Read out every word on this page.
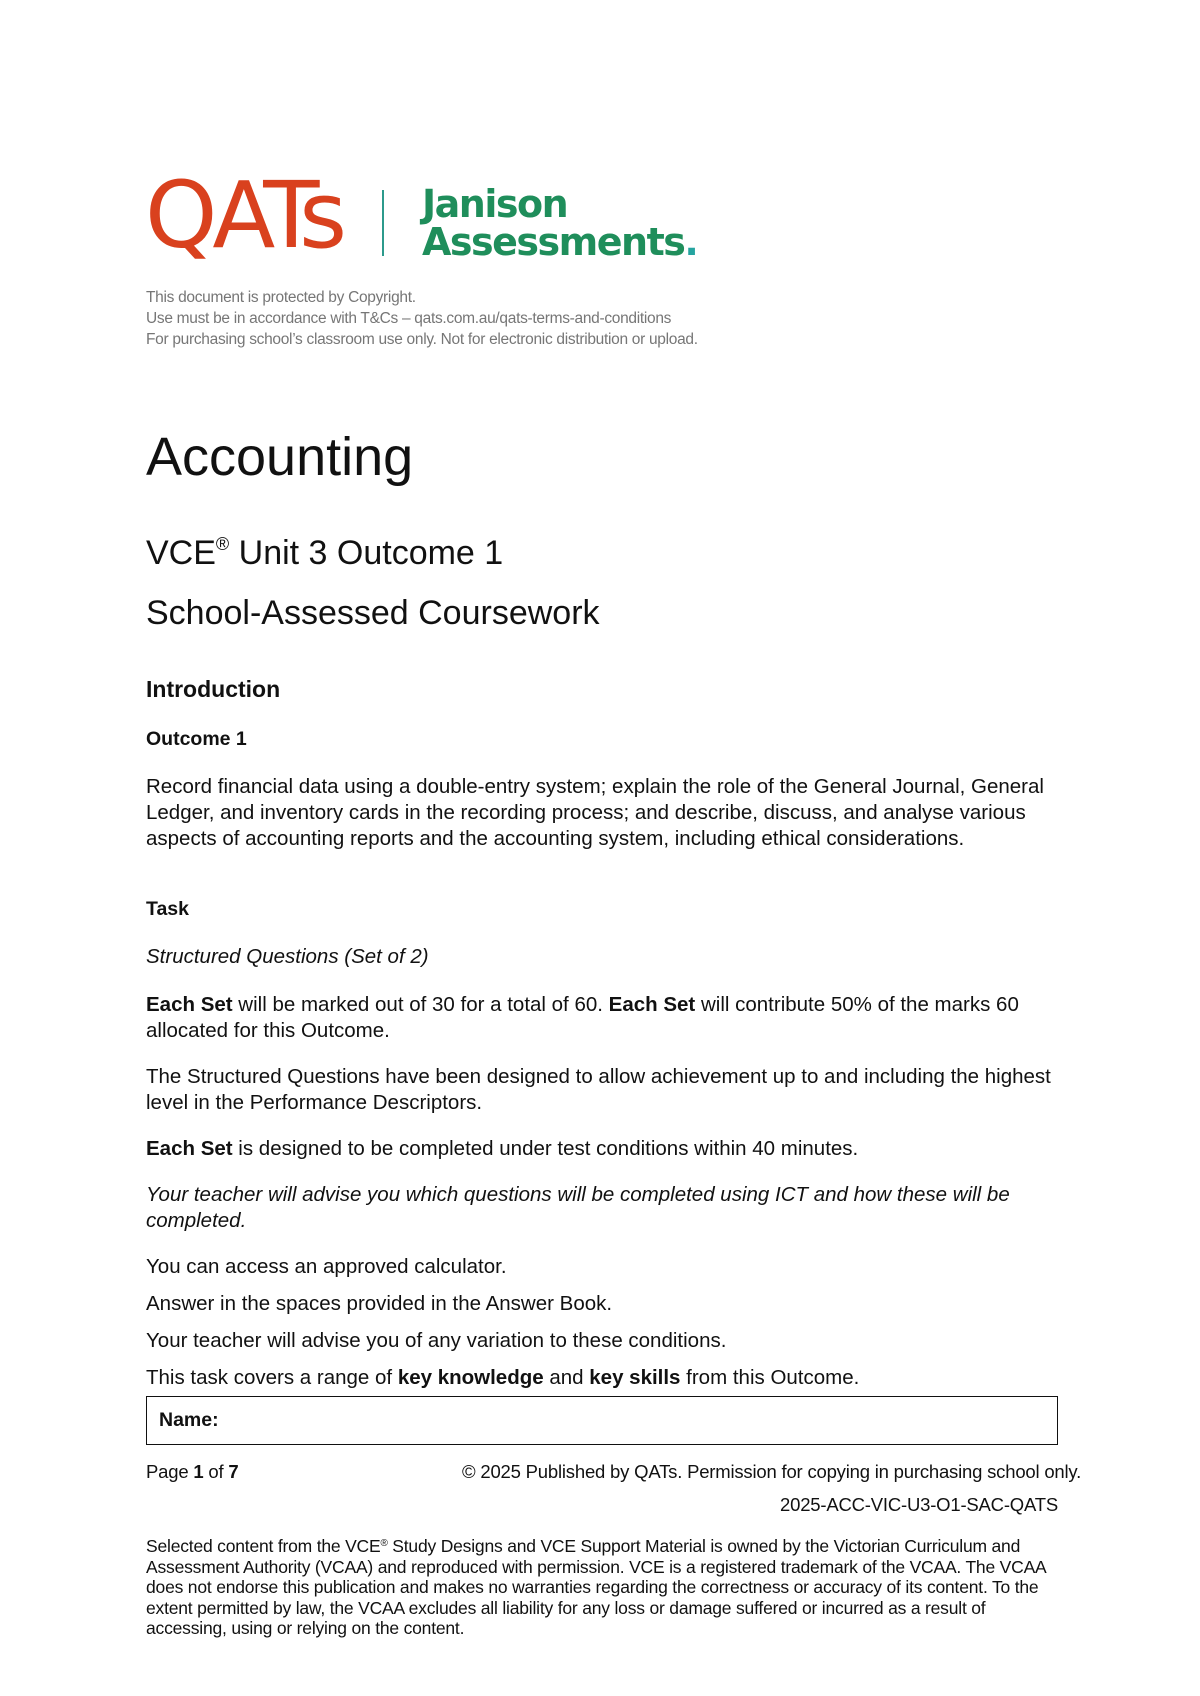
QATs Janison
Assessments.
This document is protected by Copyright.
Use must be in accordance with T&Cs – qats.com.au/qats-terms-and-conditions
For purchasing school’s classroom use only. Not for electronic distribution or upload.
Accounting
VCE® Unit 3 Outcome 1
School-Assessed Coursework
Introduction
Outcome 1
Record financial data using a double-entry system; explain the role of the General Journal, General Ledger, and inventory cards in the recording process; and describe, discuss, and analyse various aspects of accounting reports and the accounting system, including ethical considerations.
Task
Structured Questions (Set of 2)
Each Set will be marked out of 30 for a total of 60. Each Set will contribute 50% of the marks 60 allocated for this Outcome.
The Structured Questions have been designed to allow achievement up to and including the highest level in the Performance Descriptors.
Each Set is designed to be completed under test conditions within 40 minutes.
Your teacher will advise you which questions will be completed using ICT and how these will be completed.
You can access an approved calculator.
Answer in the spaces provided in the Answer Book.
Your teacher will advise you of any variation to these conditions.
This task covers a range of key knowledge and key skills from this Outcome.
Name:
Page 1 of 7	© 2025 Published by QATs. Permission for copying in purchasing school only.
2025-ACC-VIC-U3-O1-SAC-QATS
Selected content from the VCE® Study Designs and VCE Support Material is owned by the Victorian Curriculum and Assessment Authority (VCAA) and reproduced with permission. VCE is a registered trademark of the VCAA. The VCAA does not endorse this publication and makes no warranties regarding the correctness or accuracy of its content. To the extent permitted by law, the VCAA excludes all liability for any loss or damage suffered or incurred as a result of accessing, using or relying on the content.
